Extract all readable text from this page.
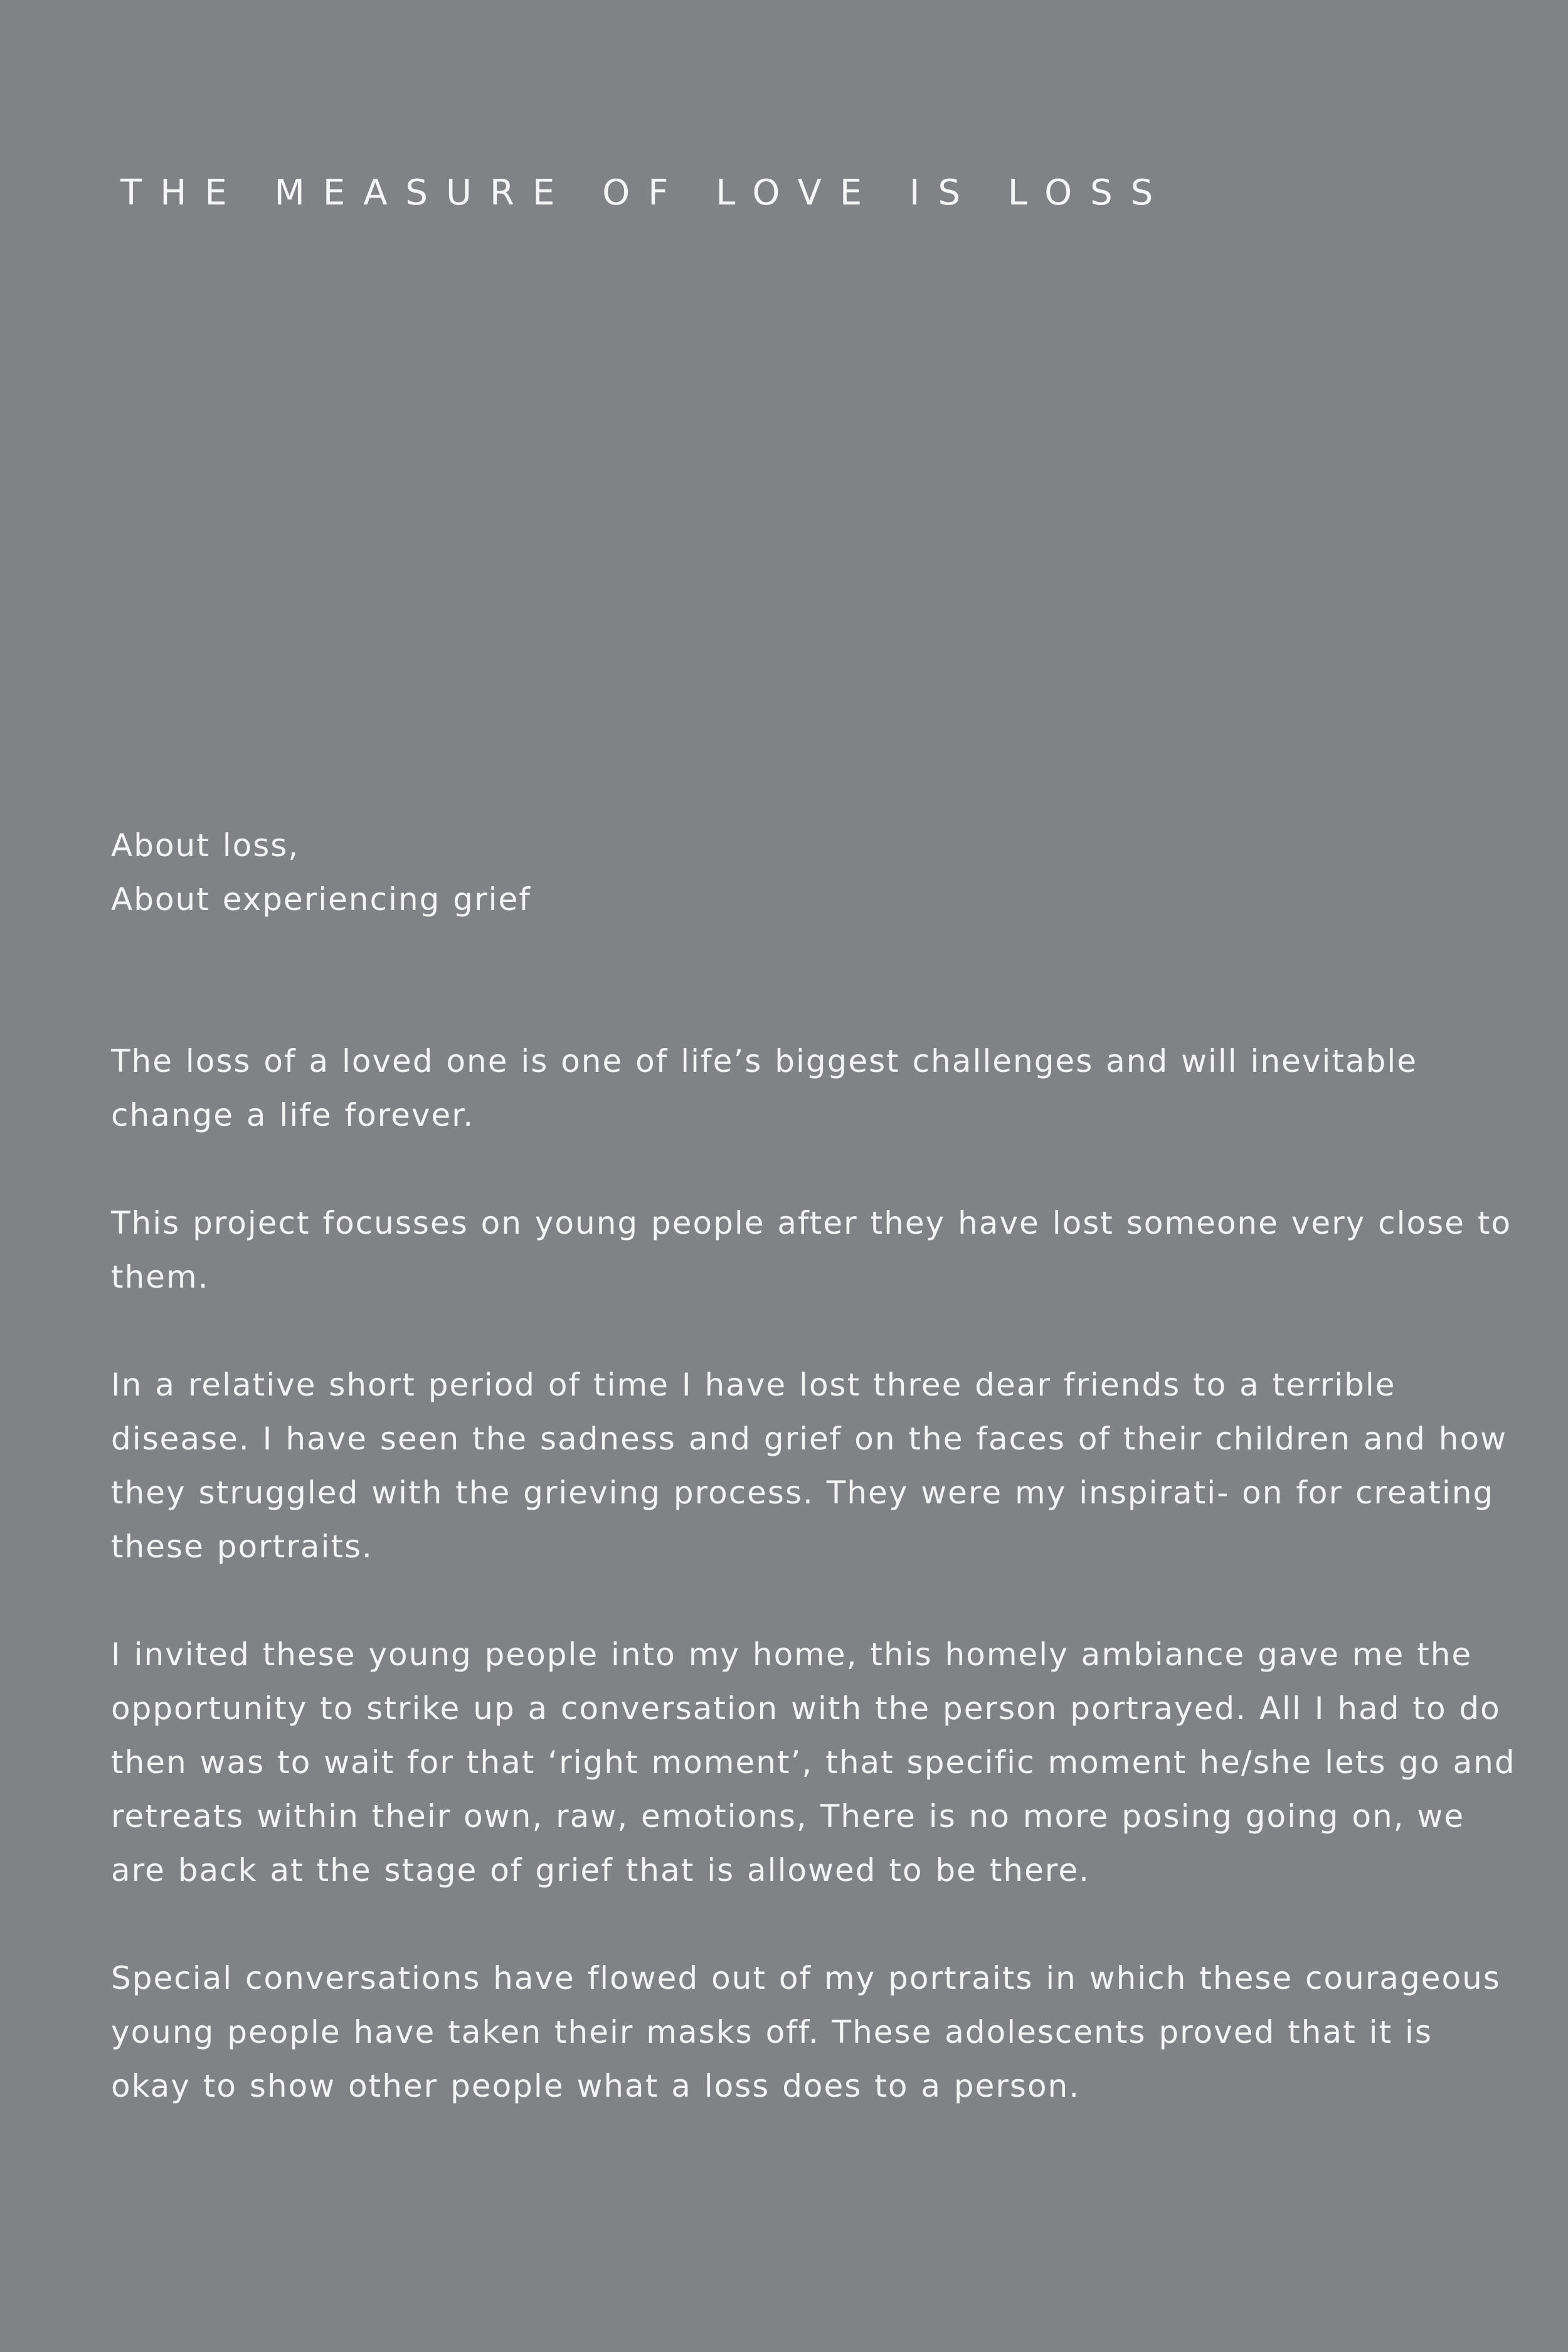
THE MEASURE OF LOVE IS LOSS

About loss,
About experiencing grief

The loss of a loved one is one of life’s biggest challenges and will inevitable change a life forever.

This project focusses on young people after they have lost someone very close to them.

In a relative short period of time I have lost three dear friends to a terrible disease. I have seen the sadness and grief on the faces of their children and how they struggled with the grieving process. They were my inspirati- on for creating these portraits.

I invited these young people into my home, this homely ambiance gave me the opportunity to strike up a conversation with the person portrayed. All I had to do then was to wait for that ‘right moment’, that specific moment he/she lets go and retreats within their own, raw, emotions, There is no more posing going on, we are back at the stage of grief that is allowed to be there.

Special conversations have flowed out of my portraits in which these courageous young people have taken their masks off. These adolescents proved that it is okay to show other people what a loss does to a person.
